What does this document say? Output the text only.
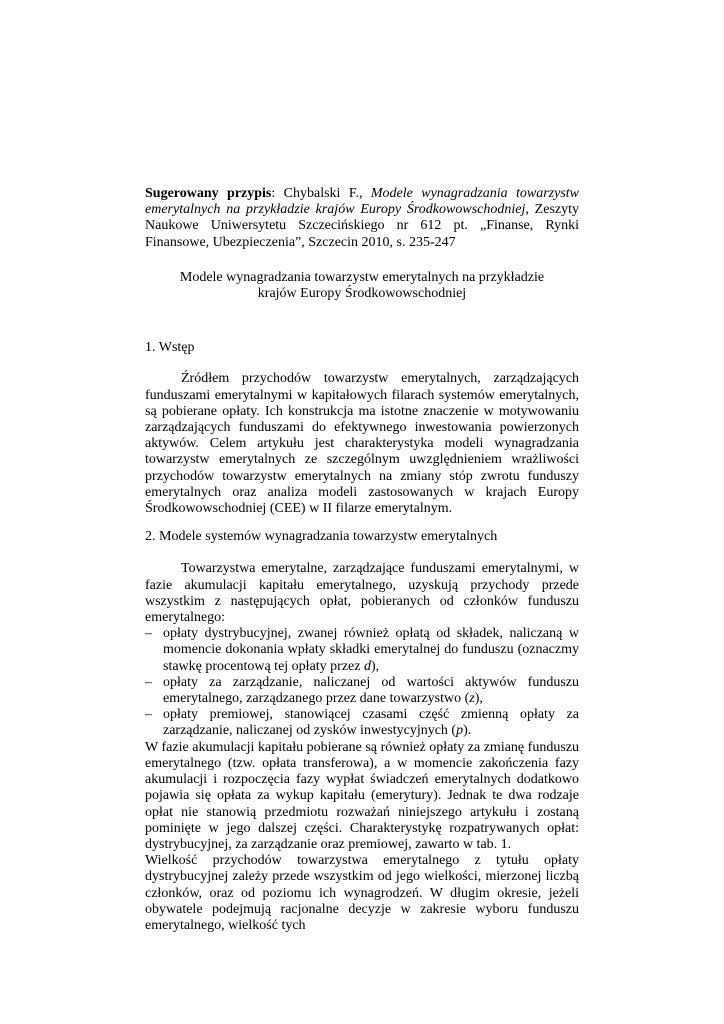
Sugerowany przypis: Chybalski F., Modele wynagradzania towarzystw emerytalnych na przykładzie krajów Europy Środkowowschodniej, Zeszyty Naukowe Uniwersytetu Szczecińskiego nr 612 pt. „Finanse, Rynki Finansowe, Ubezpieczenia”, Szczecin 2010, s. 235-247

Modele wynagradzania towarzystw emerytalnych na przykładzie
krajów Europy Środkowowschodniej

1. Wstęp

Źródłem przychodów towarzystw emerytalnych, zarządzających funduszami emerytalnymi w kapitałowych filarach systemów emerytalnych, są pobierane opłaty. Ich konstrukcja ma istotne znaczenie w motywowaniu zarządzających funduszami do efektywnego inwestowania powierzonych aktywów. Celem artykułu jest charakterystyka modeli wynagradzania towarzystw emerytalnych ze szczególnym uwzględnieniem wrażliwości przychodów towarzystw emerytalnych na zmiany stóp zwrotu funduszy emerytalnych oraz analiza modeli zastosowanych w krajach Europy Środkowowschodniej (CEE) w II filarze emerytalnym.

2. Modele systemów wynagradzania towarzystw emerytalnych

Towarzystwa emerytalne, zarządzające funduszami emerytalnymi, w fazie akumulacji kapitału emerytalnego, uzyskują przychody przede wszystkim z następujących opłat, pobieranych od członków funduszu emerytalnego:

– opłaty dystrybucyjnej, zwanej również opłatą od składek, naliczaną w momencie dokonania wpłaty składki emerytalnej do funduszu (oznaczmy stawkę procentową tej opłaty przez d),
– opłaty za zarządzanie, naliczanej od wartości aktywów funduszu emerytalnego, zarządzanego przez dane towarzystwo (z),
– opłaty premiowej, stanowiącej czasami część zmienną opłaty za zarządzanie, naliczanej od zysków inwestycyjnych (p).

W fazie akumulacji kapitału pobierane są również opłaty za zmianę funduszu emerytalnego (tzw. opłata transferowa), a w momencie zakończenia fazy akumulacji i rozpoczęcia fazy wypłat świadczeń emerytalnych dodatkowo pojawia się opłata za wykup kapitału (emerytury). Jednak te dwa rodzaje opłat nie stanowią przedmiotu rozważań niniejszego artykułu i zostaną pominięte w jego dalszej części. Charakterystykę rozpatrywanych opłat: dystrybucyjnej, za zarządzanie oraz premiowej, zawarto w tab. 1.

Wielkość przychodów towarzystwa emerytalnego z tytułu opłaty dystrybucyjnej zależy przede wszystkim od jego wielkości, mierzonej liczbą członków, oraz od poziomu ich wynagrodzeń. W długim okresie, jeżeli obywatele podejmują racjonalne decyzje w zakresie wyboru funduszu emerytalnego, wielkość tych
